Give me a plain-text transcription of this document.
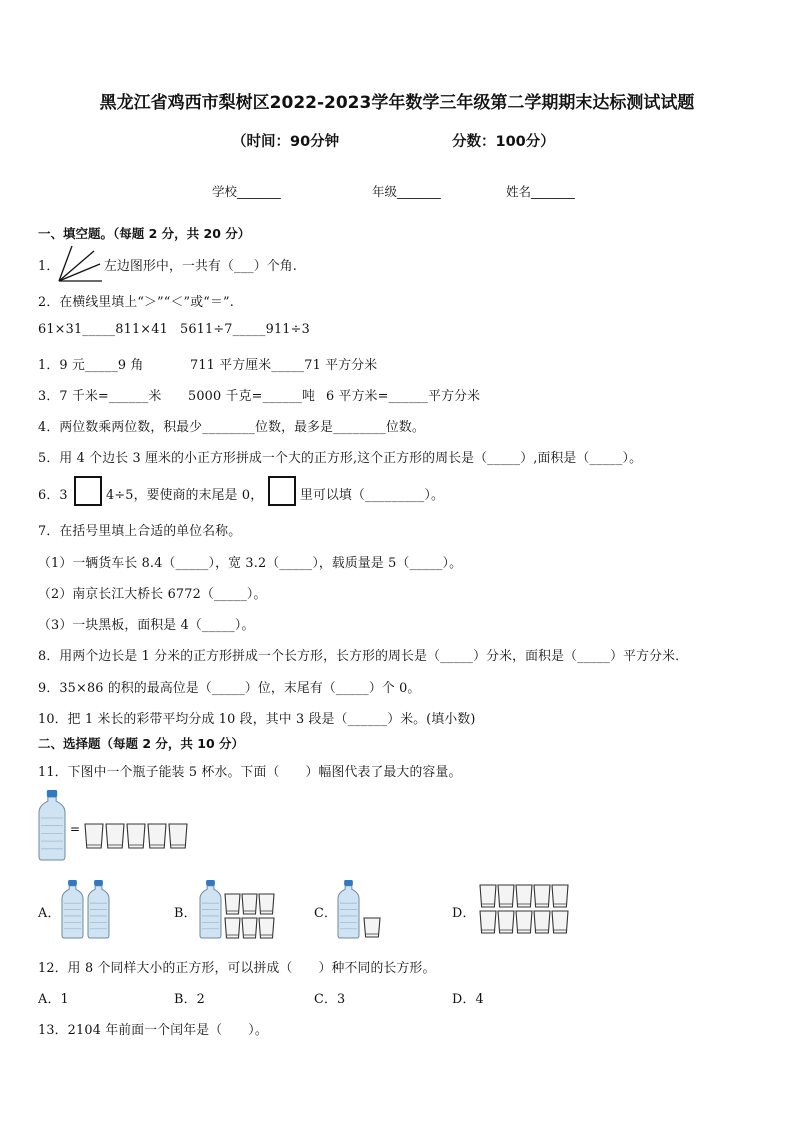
黑龙江省鸡西市梨树区2022-2023学年数学三年级第二学期期末达标测试试题
（时间：90分钟	分数：100分）
学校_______	年级_______	姓名_______
一、填空题。（每题 2 分，共 20 分）
1．	左边图形中，一共有（___）个角.
2．在横线里填上“＞”“＜”或“＝”.
61×31_____811×41 5611÷7_____911÷3
1．9 元_____9 角	711 平方厘米_____71 平方分米
3．7 千米=______米 5000 千克=______吨 6 平方米=______平方分米
4．两位数乘两位数，积最少________位数，最多是________位数。
5．用 4 个边长 3 厘米的小正方形拼成一个大的正方形,这个正方形的周长是（_____）,面积是（_____）。
6．3	4÷5，要使商的末尾是 0，	里可以填（_________）。
7．在括号里填上合适的单位名称。
（1）一辆货车长 8.4（_____），宽 3.2（_____），载质量是 5（_____）。
（2）南京长江大桥长 6772（_____）。
（3）一块黑板，面积是 4（_____）。
8．用两个边长是 1 分米的正方形拼成一个长方形，长方形的周长是（_____）分米，面积是（_____）平方分米．
9．35×86 的积的最高位是（_____）位，末尾有（_____）个 0。
10．把 1 米长的彩带平均分成 10 段，其中 3 段是（______）米。(填小数)
二、选择题（每题 2 分，共 10 分）
11．下图中一个瓶子能装 5 杯水。下面（　　）幅图代表了最大的容量。
=
A．	B．	C．	D．
12．用 8 个同样大小的正方形，可以拼成（　　）种不同的长方形。
A．1	B．2	C．3	D．4
13．2104 年前面一个闰年是（　　）。
